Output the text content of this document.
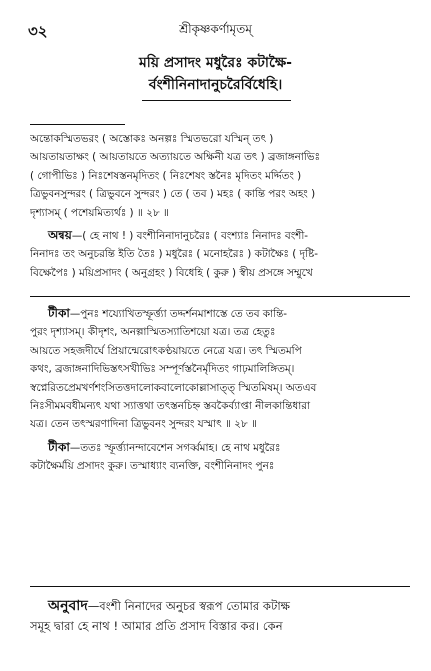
৩২	শ্রীকৃষ্ণকর্ণামৃতম্
ময়ি প্রসাদং মধুরৈঃ কটাক্ষৈ-
র্বংশীনিনাদানুচরৈর্বিধেহি।
অন্তোকস্মিতভরং ( অস্তোকঃ অনল্পঃ স্মিতভরো যস্মিন্ তৎ )
আয়তায়তাক্ষং ( আয়তায়তে অত্যায়তে অক্ষিনী যত্র তৎ ) ব্রজাঙ্গনাভিঃ
( গোপীভিঃ ) নিঃশেষস্তনমৃদিতং ( নিঃশেষং স্তনৈঃ মৃদিতং মর্দ্দিতং )
ত্রিভুবনসুন্দরং ( ত্রিভুবনে সুন্দরং ) তে ( তব ) মহঃ ( কান্তি পরং অহং )
দৃশ্যাসম্ ( পশেয়মিত্যর্থঃ ) ॥ ২৮ ॥
অন্বয়—( হে নাথ ! ) বংশীনিনাদানুচরৈঃ ( বংশ্যাঃ নিনাদঃ বংশী-
নিনাদঃ তং অনুচরন্তি ইতি তৈঃ ) মধুরৈঃ ( মনোহরৈঃ ) কটাক্ষৈঃ ( দৃষ্টি-
বিক্ষেপৈঃ ) ময়িপ্রসাদং ( অনুগ্রহং ) বিধেহি ( কুরু ) স্বীয় প্রসঙ্গে সম্মুখে
টীকা—পুনঃ শয্যোখিতস্ফূর্ত্ত্যা তদ্দর্শনমাশাস্তে তে তব কান্তি-
পুরং দৃশ্যাসম্। কীদৃশং, অনল্পাস্মিতস্যাতিশয়ো যত্র। তত্র হেতুঃ
আয়তে সহজদীর্ঘে প্রিয়ান্মেরোৎকণ্ঠয়ায়তে নেত্রে যত্র। তৎ স্মিতমপি
কথং, ব্রজাঙ্গনাদিভিস্তৎসখীভিঃ সম্পূর্ণস্তনৈর্মৃদিতং গাঢ়মালিঙ্গিতম্।
স্বপ্নেরিতপ্রেমখর্ণশংসিতত্তদালোকবালোকোল্লাসাত্ত্ স্মিতমিষম্। অতএব
নিঃসীমমবধীমন্যৎ যথা স্যাত্তথা তৎস্তনচিহ্ন স্তবকৈর্ব্যাপ্তা নীলকান্তিধারা
যত্র। তেন তৎস্মরণাদিনা ত্রিভুবনং সুন্দরং যস্মাৎ ॥ ২৮ ॥
টীকা—ততঃ স্ফূর্ত্ত্যানন্দাবেশেন সগর্ব্বমাহ। হে নাথ মধুরৈঃ
কটাক্ষৈর্ময়ি প্রসাদং কুরু। তস্মাধ্যাং ব্যনক্তি, বংশীনিনাদং পুনঃ
অনুবাদ—বংশী নিনাদের অনুচর স্বরূপ তোমার কটাক্ষ
সমূহ দ্বারা হে নাথ ! আমার প্রতি প্রসাদ বিস্তার কর। কেন
